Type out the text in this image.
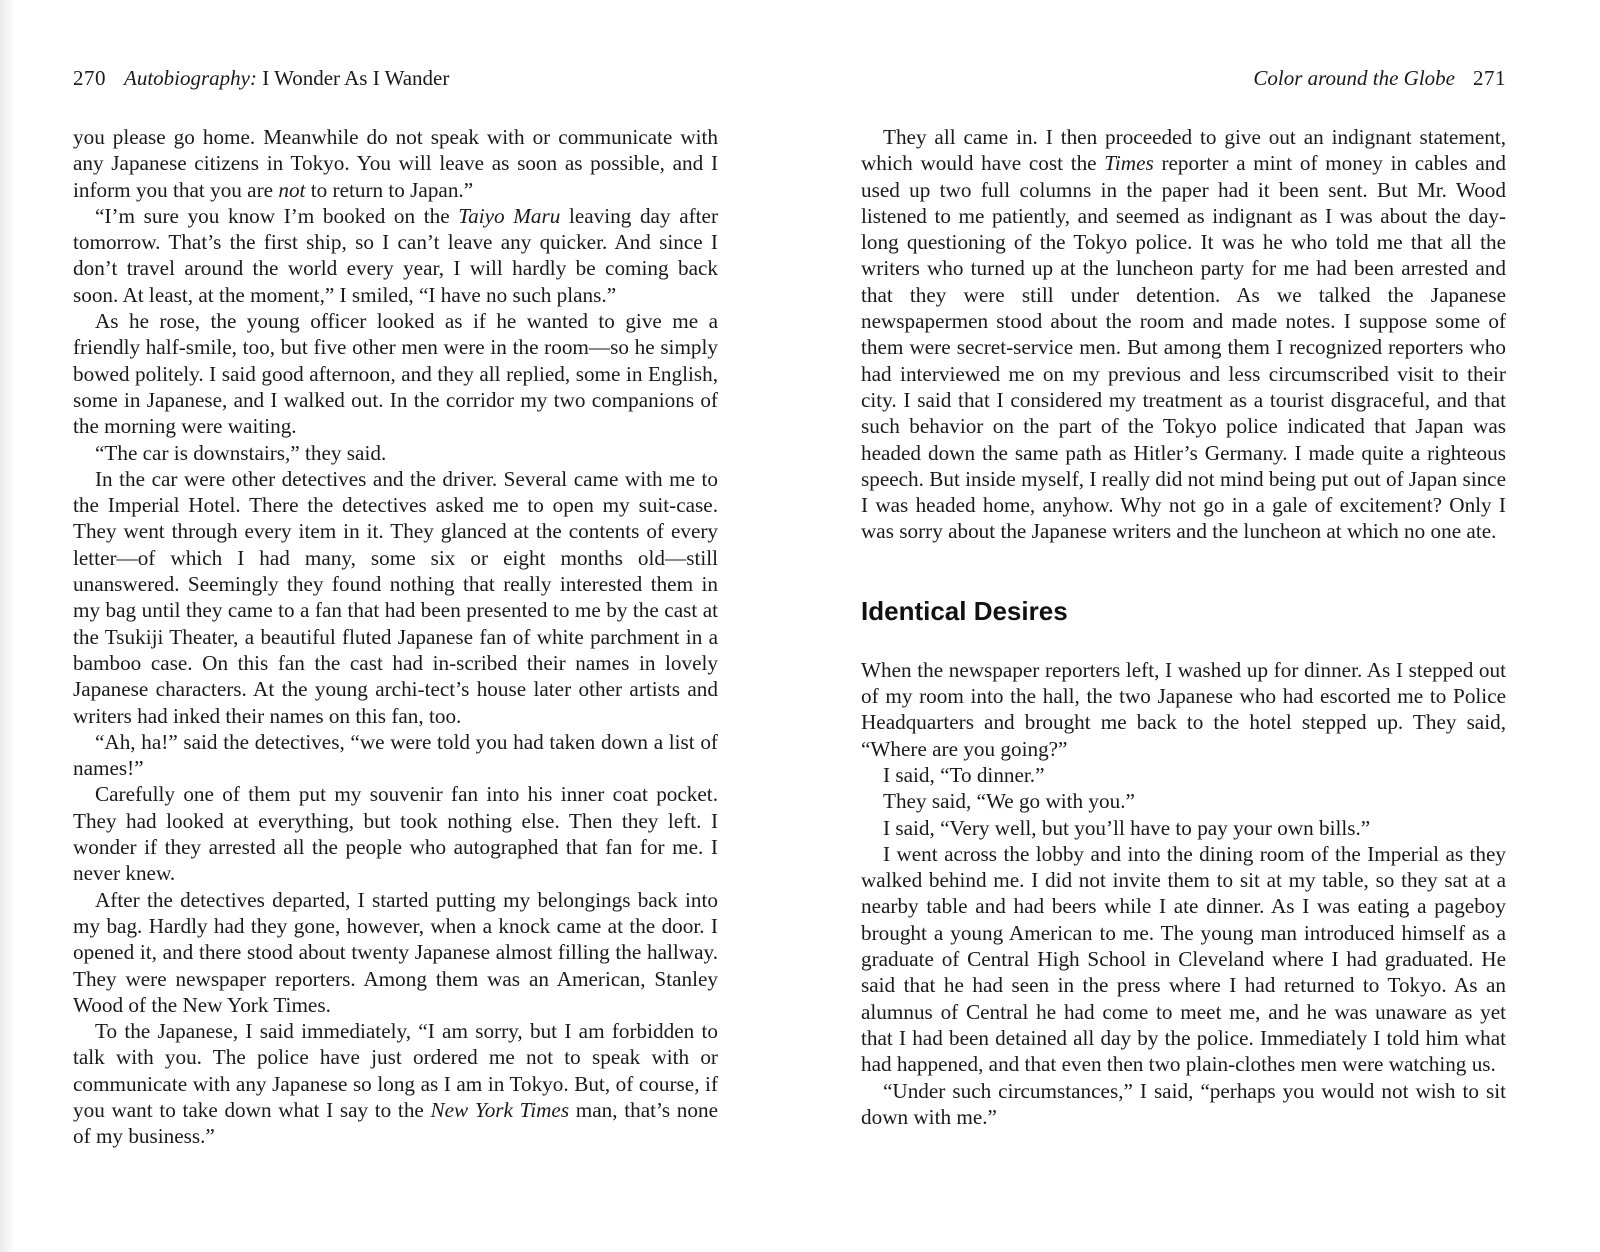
270 Autobiography: I Wonder As I Wander

you please go home. Meanwhile do not speak with or communicate with any Japanese citizens in Tokyo. You will leave as soon as possible, and I inform you that you are not to return to Japan.”

“I’m sure you know I’m booked on the Taiyo Maru leaving day after tomorrow. That’s the first ship, so I can’t leave any quicker. And since I don’t travel around the world every year, I will hardly be coming back soon. At least, at the moment,” I smiled, “I have no such plans.”

As he rose, the young officer looked as if he wanted to give me a friendly half-smile, too, but five other men were in the room—so he simply bowed politely. I said good afternoon, and they all replied, some in English, some in Japanese, and I walked out. In the corridor my two companions of the morning were waiting.

“The car is downstairs,” they said.

In the car were other detectives and the driver. Several came with me to the Imperial Hotel. There the detectives asked me to open my suit-case. They went through every item in it. They glanced at the contents of every letter—of which I had many, some six or eight months old—still unanswered. Seemingly they found nothing that really interested them in my bag until they came to a fan that had been presented to me by the cast at the Tsukiji Theater, a beautiful fluted Japanese fan of white parchment in a bamboo case. On this fan the cast had in-scribed their names in lovely Japanese characters. At the young archi-tect’s house later other artists and writers had inked their names on this fan, too.

“Ah, ha!” said the detectives, “we were told you had taken down a list of names!”

Carefully one of them put my souvenir fan into his inner coat pocket. They had looked at everything, but took nothing else. Then they left. I wonder if they arrested all the people who autographed that fan for me. I never knew.

After the detectives departed, I started putting my belongings back into my bag. Hardly had they gone, however, when a knock came at the door. I opened it, and there stood about twenty Japanese almost filling the hallway. They were newspaper reporters. Among them was an American, Stanley Wood of the New York Times.

To the Japanese, I said immediately, “I am sorry, but I am forbidden to talk with you. The police have just ordered me not to speak with or communicate with any Japanese so long as I am in Tokyo. But, of course, if you want to take down what I say to the New York Times man, that’s none of my business.”

Color around the Globe 271

They all came in. I then proceeded to give out an indignant statement, which would have cost the Times reporter a mint of money in cables and used up two full columns in the paper had it been sent. But Mr. Wood listened to me patiently, and seemed as indignant as I was about the day-long questioning of the Tokyo police. It was he who told me that all the writers who turned up at the luncheon party for me had been arrested and that they were still under detention. As we talked the Japanese newspapermen stood about the room and made notes. I suppose some of them were secret-service men. But among them I recognized reporters who had interviewed me on my previous and less circumscribed visit to their city. I said that I considered my treatment as a tourist disgraceful, and that such behavior on the part of the Tokyo police indicated that Japan was headed down the same path as Hitler’s Germany. I made quite a righteous speech. But inside myself, I really did not mind being put out of Japan since I was headed home, anyhow. Why not go in a gale of excitement? Only I was sorry about the Japanese writers and the luncheon at which no one ate.

Identical Desires

When the newspaper reporters left, I washed up for dinner. As I stepped out of my room into the hall, the two Japanese who had escorted me to Police Headquarters and brought me back to the hotel stepped up. They said, “Where are you going?”

I said, “To dinner.”

They said, “We go with you.”

I said, “Very well, but you’ll have to pay your own bills.”

I went across the lobby and into the dining room of the Imperial as they walked behind me. I did not invite them to sit at my table, so they sat at a nearby table and had beers while I ate dinner. As I was eating a pageboy brought a young American to me. The young man introduced himself as a graduate of Central High School in Cleveland where I had graduated. He said that he had seen in the press where I had returned to Tokyo. As an alumnus of Central he had come to meet me, and he was unaware as yet that I had been detained all day by the police. Immediately I told him what had happened, and that even then two plain-clothes men were watching us.

“Under such circumstances,” I said, “perhaps you would not wish to sit down with me.”
